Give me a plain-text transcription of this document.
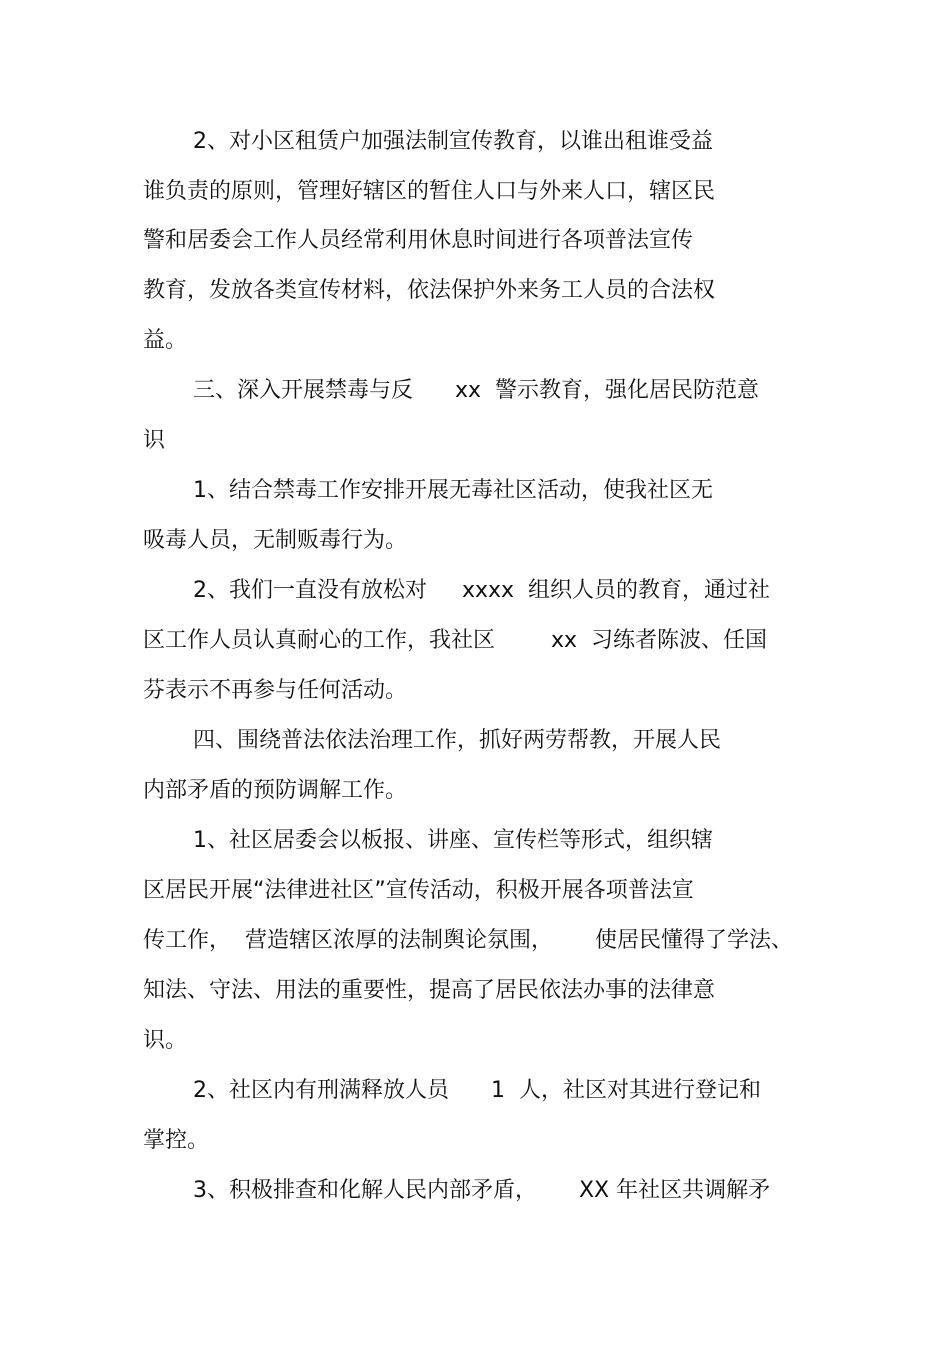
2、对小区租赁户加强法制宣传教育，以谁出租谁受益
谁负责的原则，管理好辖区的暂住人口与外来人口，辖区民
警和居委会工作人员经常利用休息时间进行各项普法宣传
教育，发放各类宣传材料，依法保护外来务工人员的合法权
益。
三、深入开展禁毒与反      xx  警示教育，强化居民防范意
识
1、结合禁毒工作安排开展无毒社区活动，使我社区无
吸毒人员，无制贩毒行为。
2、我们一直没有放松对     xxxx  组织人员的教育，通过社
区工作人员认真耐心的工作，我社区        xx  习练者陈波、任国
芬表示不再参与任何活动。
四、围绕普法依法治理工作，抓好两劳帮教，开展人民
内部矛盾的预防调解工作。
1、社区居委会以板报、讲座、宣传栏等形式，组织辖
区居民开展“法律进社区”宣传活动，积极开展各项普法宣
传工作，  营造辖区浓厚的法制舆论氛围，      使居民懂得了学法、
知法、守法、用法的重要性，提高了居民依法办事的法律意
识。
2、社区内有刑满释放人员      1  人，社区对其进行登记和
掌控。
3、积极排查和化解人民内部矛盾，      XX 年社区共调解矛
